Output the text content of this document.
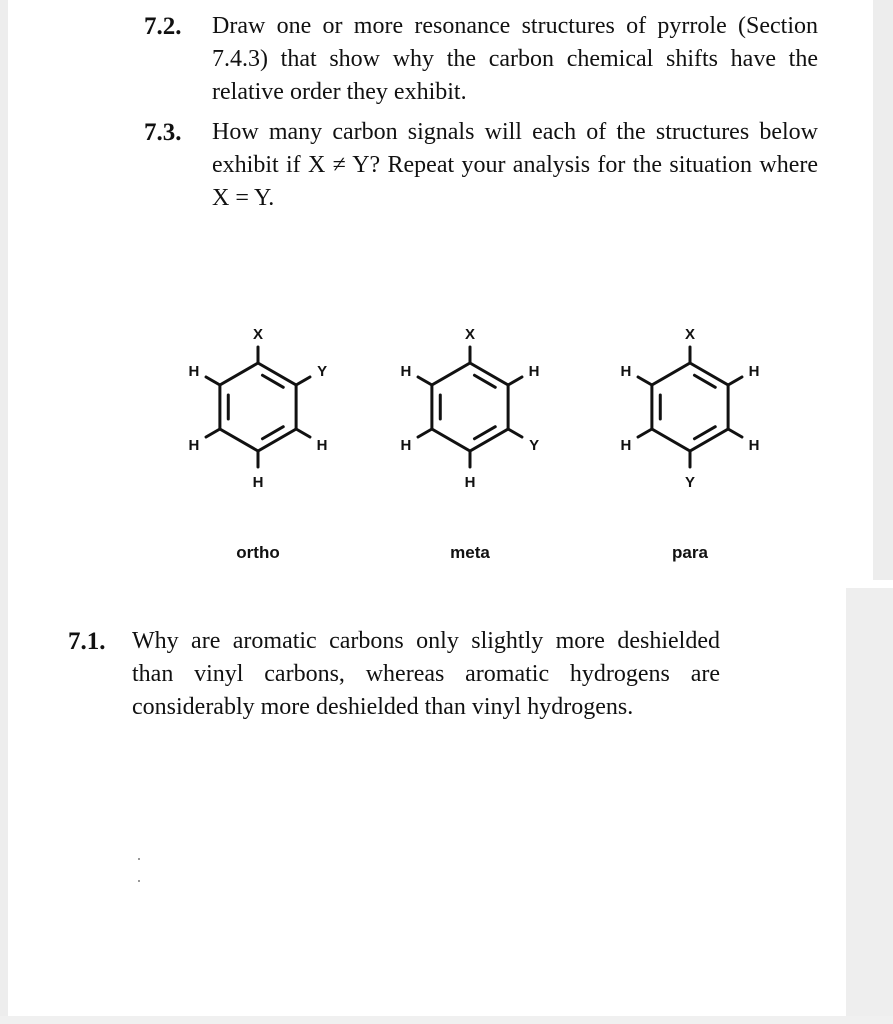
7.2. Draw one or more resonance structures of pyrrole (Section 7.4.3) that show why the carbon chemical shifts have the relative order they exhibit.
7.3. How many carbon signals will each of the structures below exhibit if X ≠ Y? Repeat your analysis for the situation where X = Y.
X
Y
H
H
H
H
ortho
X
H
Y
H
H
H
meta
X
H
H
Y
H
H
para
7.1. Why are aromatic carbons only slightly more deshielded than vinyl carbons, whereas aromatic hydrogens are considerably more deshielded than vinyl hydrogens.
